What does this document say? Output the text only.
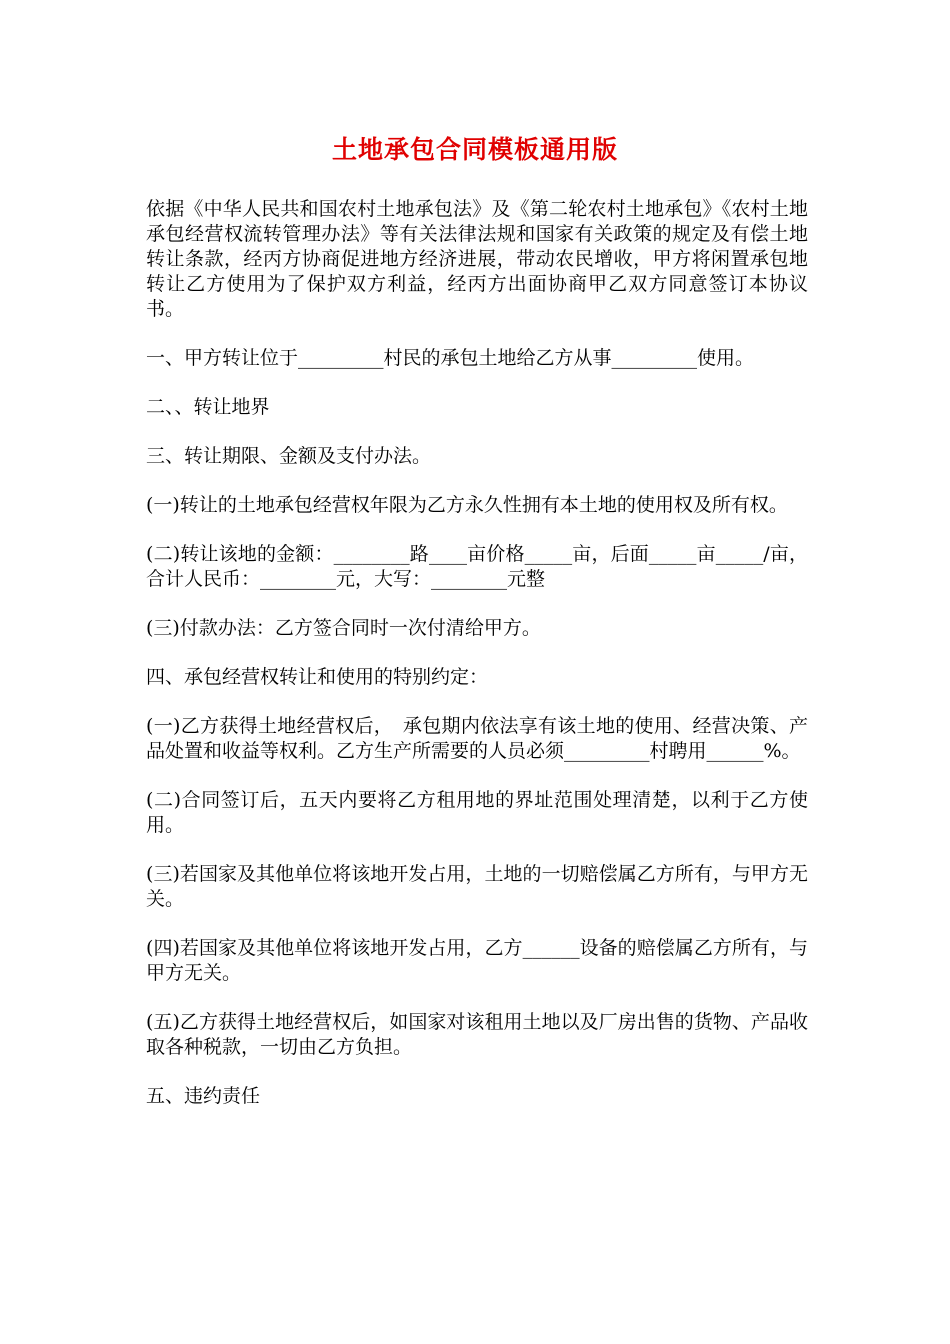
土地承包合同模板通用版

依据《中华人民共和国农村土地承包法》及《第二轮农村土地承包》《农村土地承包经营权流转管理办法》等有关法律法规和国家有关政策的规定及有偿土地转让条款，经丙方协商促进地方经济进展，带动农民增收，甲方将闲置承包地转让乙方使用为了保护双方利益，经丙方出面协商甲乙双方同意签订本协议书。

一、甲方转让位于_________村民的承包土地给乙方从事_________使用。

二、、转让地界

三、转让期限、金额及支付办法。

(一)转让的土地承包经营权年限为乙方永久性拥有本土地的使用权及所有权。

(二)转让该地的金额：________路____亩价格_____亩，后面_____亩_____/亩，合计人民币：________元，大写：________元整

(三)付款办法：乙方签合同时一次付清给甲方。

四、承包经营权转让和使用的特别约定：

(一)乙方获得土地经营权后，　承包期内依法享有该土地的使用、经营决策、产品处置和收益等权利。乙方生产所需要的人员必须_________村聘用______%。

(二)合同签订后，五天内要将乙方租用地的界址范围处理清楚，以利于乙方使用。

(三)若国家及其他单位将该地开发占用，土地的一切赔偿属乙方所有，与甲方无关。

(四)若国家及其他单位将该地开发占用，乙方______设备的赔偿属乙方所有，与甲方无关。

(五)乙方获得土地经营权后，如国家对该租用土地以及厂房出售的货物、产品收取各种税款，一切由乙方负担。

五、违约责任
